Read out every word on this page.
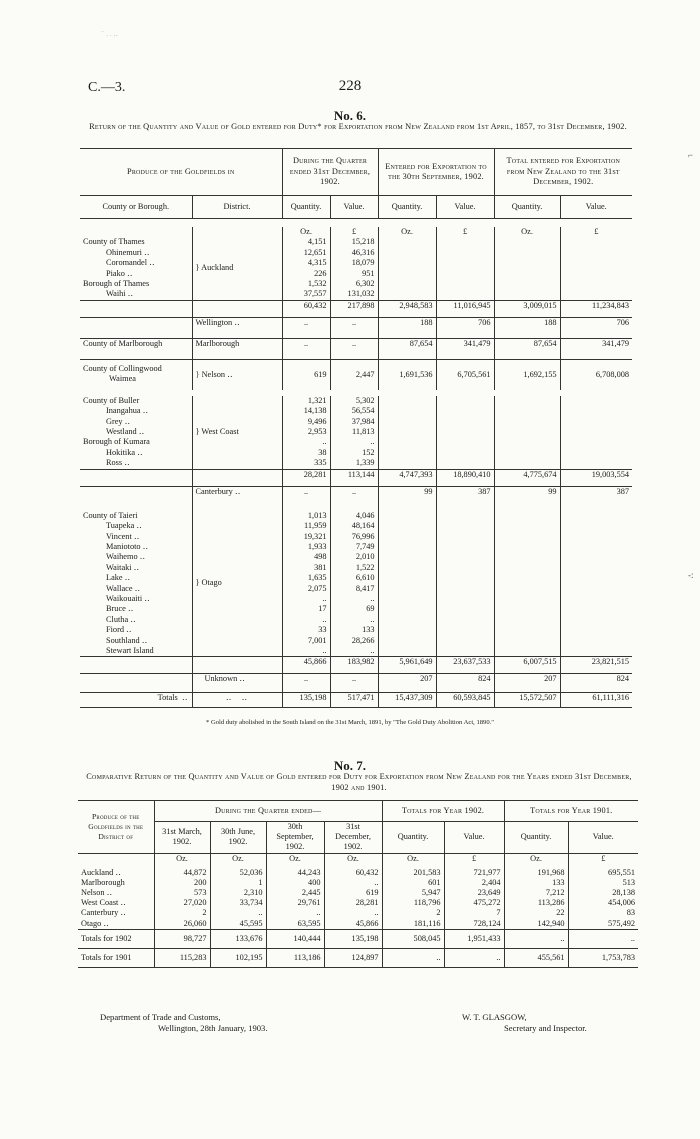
˙˙ . . ‥
C.—3.	228
No. 6.
Return of the Quantity and Value of Gold entered for Duty* for Exportation from New Zealand from 1st April, 1857, to 31st December, 1902.
Produce of the Goldfields in		During the Quarter ended 31st December, 1902.		Entered for Exportation to the 30th September, 1902.		Total entered for Exportation from New Zealand to the 31st December, 1902.	
County or Borough.	District.	Quantity.	Value.	Quantity.	Value.	Quantity.	Value.

		Oz.	£	Oz.	£	Oz.	£
County of Thames	} Auckland	4,151	15,218				
Ohinemuri ‥		12,651	46,316				
Coromandel ‥		4,315	18,079				
Piako ‥		226	951				
Borough of Thames		1,532	6,302				
Waihi ‥		37,557	131,032				
		60,432	217,898	2,948,583	11,016,945	3,009,015	11,234,843
	Wellington ‥	..	..	188	706	188	706
County of Marlborough	Marlborough	..	..	87,654	341,479	87,654	341,479

County of Collingwood
Waimea	} Nelson ‥	619	2,447	1,691,536	6,705,561	1,692,155	6,708,008

County of Buller	} West Coast	1,321	5,302				
Inangahua ‥		14,138	56,554				
Grey ‥		9,496	37,984				
Westland ‥		2,953	11,813				
Borough of Kumara		..	..				
Hokitika ‥		38	152				
Ross ‥		335	1,339				
		28,281	113,144	4,747,393	18,890,410	4,775,674	19,003,554
	Canterbury ‥	..	..	99	387	99	387
County of Taieri	} Otago	1,013	4,046				
Tuapeka ‥		11,959	48,164				
Vincent ‥		19,321	76,996				
Maniototo ‥		1,933	7,749				
Waihemo ‥		498	2,010				
Waitaki ‥		381	1,522				
Lake ‥		1,635	6,610				
Wallace ‥		2,075	8,417				
Waikouaiti ‥		..	..				
Bruce ‥		17	69				
Clutha ‥		..	..				
Fiord ‥		33	133				
Southland ‥		7,001	28,266				
Stewart Island		..	..				
		45,866	183,982	5,961,649	23,637,533	6,007,515	23,821,515
	Unknown ‥	..	..	207	824	207	824
Totals ‥	‥   ‥	135,198	517,471	15,437,309	60,593,845	15,572,507	61,111,316
* Gold duty abolished in the South Island on the 31st March, 1891, by "The Gold Duty Abolition Act, 1890."
No. 7.
Comparative Return of the Quantity and Value of Gold entered for Duty for Exportation from New Zealand for the Years ended 31st December, 1902 and 1901.
Produce of the Goldfields in the District of	During the Quarter ended—				Totals for Year 1902.		Totals for Year 1901.	
	31st March, 1902.	30th June, 1902.	30th September, 1902.	31st December, 1902.	Quantity.	Value.	Quantity.	Value.
	Oz.	Oz.	Oz.	Oz.	Oz.	£	Oz.	£
Auckland ‥	44,872	52,036	44,243	60,432	201,583	721,977	191,968	695,551
Marlborough	200	1	400	..	601	2,404	133	513
Nelson ‥	573	2,310	2,445	619	5,947	23,649	7,212	28,138
West Coast ‥	27,020	33,734	29,761	28,281	118,796	475,272	113,286	454,006
Canterbury ‥	2	..	..	..	2	7	22	83
Otago ‥	26,060	45,595	63,595	45,866	181,116	728,124	142,940	575,492
Totals for 1902	98,727	133,676	140,444	135,198	508,045	1,951,433	..	..
Totals for 1901	115,283	102,195	113,186	124,897	..	..	455,561	1,753,783
Department of Trade and Customs,
Wellington, 28th January, 1903.
W. T. GLASGOW,
Secretary and Inspector.
⌐
-:
